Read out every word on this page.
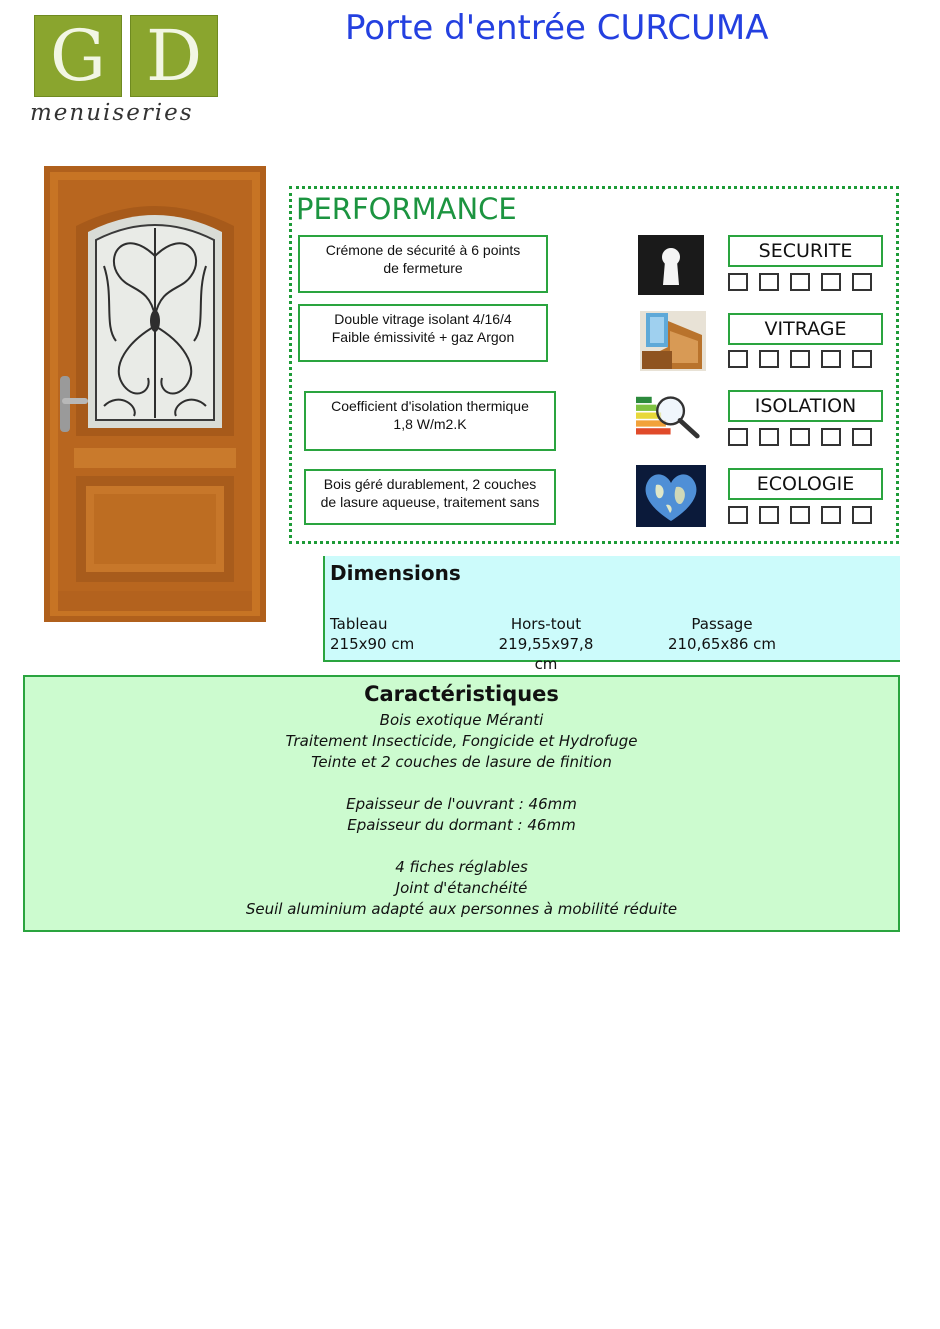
G D
menuiseries
Porte d'entrée CURCUMA
PERFORMANCE
Crémone de sécurité à 6 points
de fermeture
Double vitrage isolant 4/16/4
Faible émissivité + gaz Argon
Coefficient d'isolation thermique
1,8 W/m2.K
Bois géré durablement, 2 couches
de lasure aqueuse, traitement sans
SECURITE
VITRAGE
ISOLATION
ECOLOGIE
Dimensions
Tableau
215x90 cm
Hors-tout
219,55x97,8 cm
Passage
210,65x86 cm
Caractéristiques
Bois exotique Méranti
Traitement Insecticide, Fongicide et Hydrofuge
Teinte et 2 couches de lasure de finition
Epaisseur de l'ouvrant : 46mm
Epaisseur du dormant : 46mm
4 fiches réglables
Joint d'étanchéité
Seuil aluminium adapté aux personnes à mobilité réduite
